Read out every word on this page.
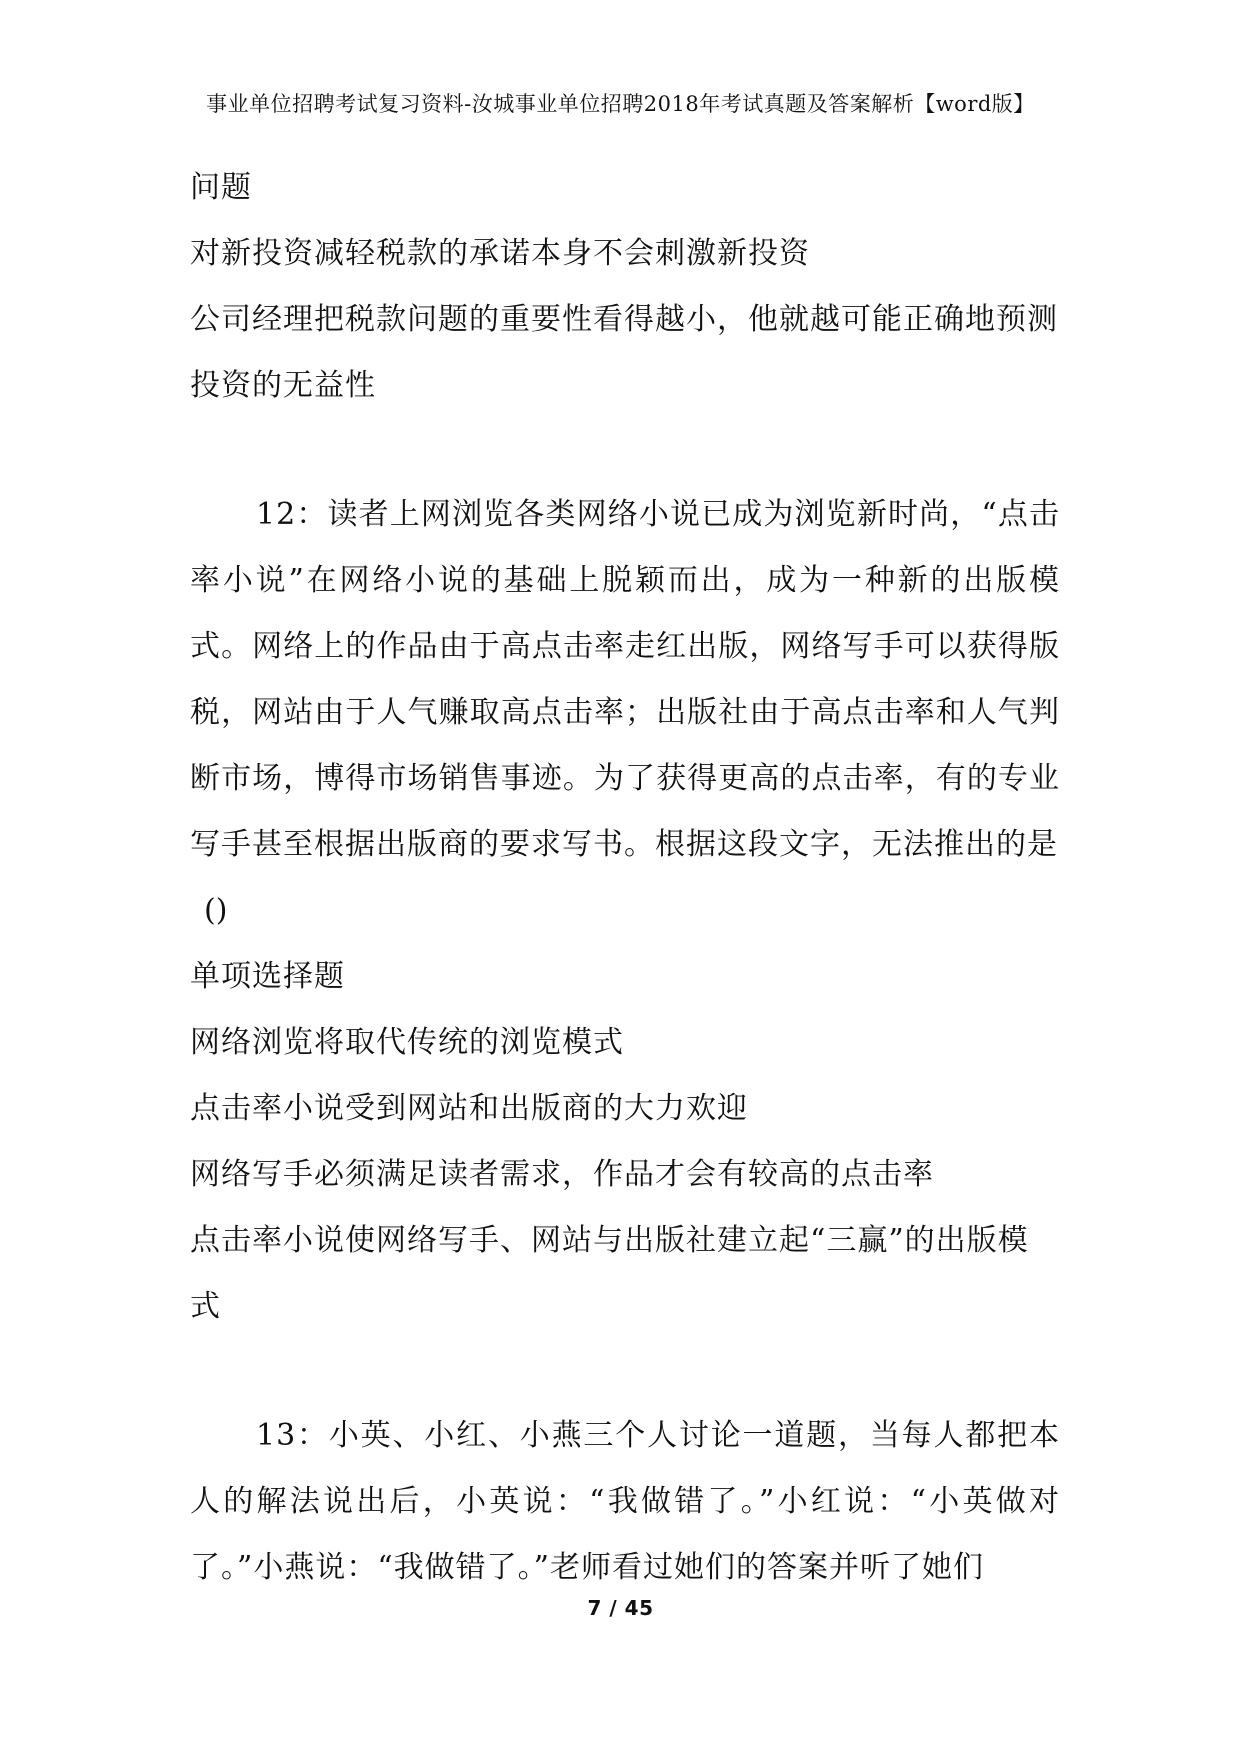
事业单位招聘考试复习资料-汝城事业单位招聘2018年考试真题及答案解析【word版】
问题
对新投资减轻税款的承诺本身不会刺激新投资
公司经理把税款问题的重要性看得越小，他就越可能正确地预测
投资的无益性
12：读者上网浏览各类网络小说已成为浏览新时尚，“点击率小说”在网络小说的基础上脱颖而出，成为一种新的出版模式。网络上的作品由于高点击率走红出版，网络写手可以获得版税，网站由于人气赚取高点击率；出版社由于高点击率和人气判断市场，博得市场销售事迹。为了获得更高的点击率，有的专业写手甚至根据出版商的要求写书。根据这段文字，无法推出的是
()
单项选择题
网络浏览将取代传统的浏览模式
点击率小说受到网站和出版商的大力欢迎
网络写手必须满足读者需求，作品才会有较高的点击率
点击率小说使网络写手、网站与出版社建立起“三赢”的出版模
式
13：小英、小红、小燕三个人讨论一道题，当每人都把本人的解法说出后，小英说：“我做错了。”小红说：“小英做对了。”小燕说：“我做错了。”老师看过她们的答案并听了她们
7 / 45
